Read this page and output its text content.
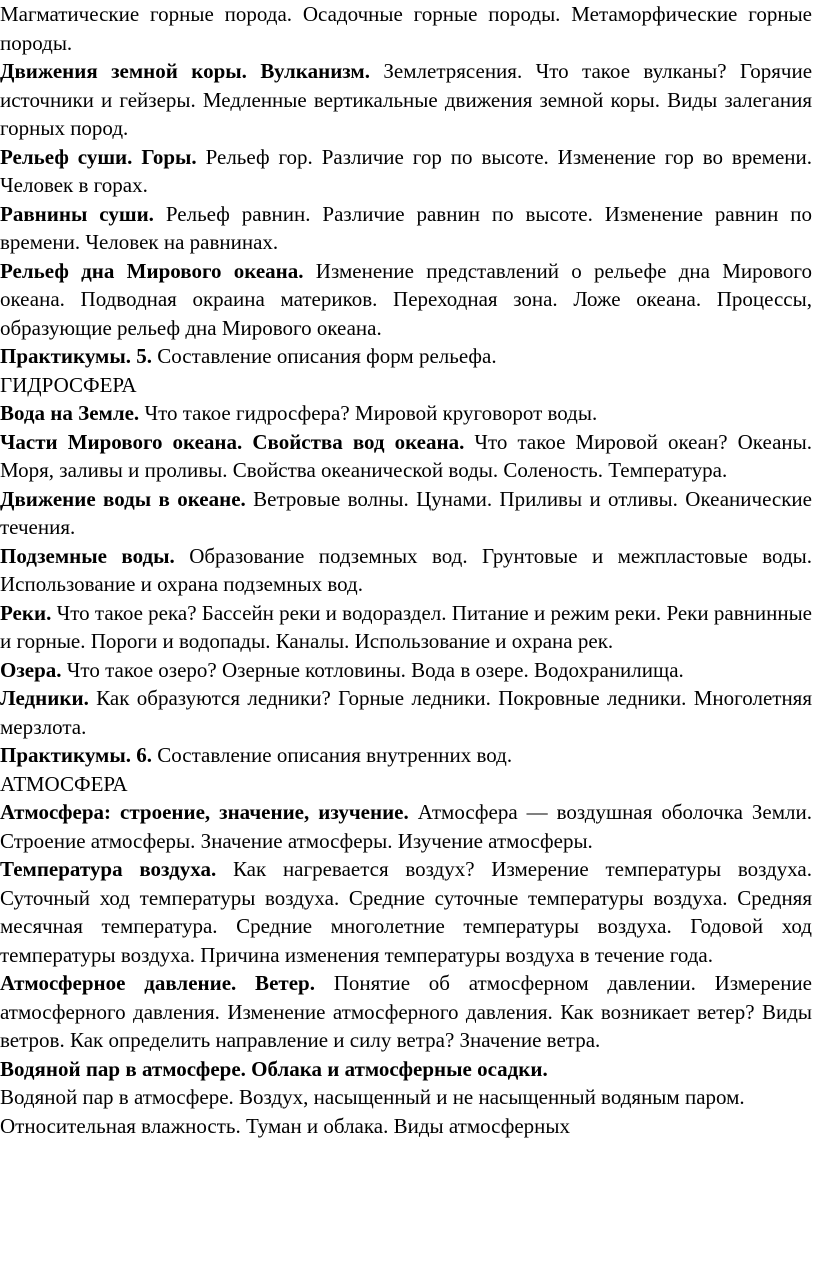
Магматические горные порода. Осадочные горные породы. Метаморфические горные породы.

Движения земной коры. Вулканизм. Землетрясения. Что такое вулканы? Горячие источники и гейзеры. Медленные вертикальные движения земной коры. Виды залегания горных пород.

Рельеф суши. Горы. Рельеф гор. Различие гор по высоте. Изменение гор во времени. Человек в горах.

Равнины суши. Рельеф равнин. Различие равнин по высоте. Изменение равнин по времени. Человек на равнинах.

Рельеф дна Мирового океана. Изменение представлений о рельефе дна Мирового океана. Подводная окраина материков. Переходная зона. Ложе океана. Процессы, образующие рельеф дна Мирового океана.

Практикумы. 5. Составление описания форм рельефа.

ГИДРОСФЕРА

Вода на Земле. Что такое гидросфера? Мировой круговорот воды.

Части Мирового океана. Свойства вод океана. Что такое Мировой океан? Океаны. Моря, заливы и проливы. Свойства океанической воды. Соленость. Температура.

Движение воды в океане. Ветровые волны. Цунами. Приливы и отливы. Океанические течения.

Подземные воды. Образование подземных вод. Грунтовые и межпластовые воды. Использование и охрана подземных вод.

Реки. Что такое река? Бассейн реки и водораздел. Питание и режим реки. Реки равнинные и горные. Пороги и водопады. Каналы. Использование и охрана рек.

Озера. Что такое озеро? Озерные котловины. Вода в озере. Водохранилища.

Ледники. Как образуются ледники? Горные ледники. Покровные ледники. Многолетняя мерзлота.

Практикумы. 6. Составление описания внутренних вод.

АТМОСФЕРА

Атмосфера: строение, значение, изучение. Атмосфера — воздушная оболочка Земли. Строение атмосферы. Значение атмосферы. Изучение атмосферы.

Температура воздуха. Как нагревается воздух? Измерение температуры воздуха. Суточный ход температуры воздуха. Средние суточные температуры воздуха. Средняя месячная температура. Средние многолетние температуры воздуха. Годовой ход температуры воздуха. Причина изменения температуры воздуха в течение года.

Атмосферное давление. Ветер. Понятие об атмосферном давлении. Измерение атмосферного давления. Изменение атмосферного давления. Как возникает ветер? Виды ветров. Как определить направление и силу ветра? Значение ветра.

Водяной пар в атмосфере. Облака и атмосферные осадки.

Водяной пар в атмосфере. Воздух, насыщенный и не насыщенный водяным паром. Относительная влажность. Туман и облака. Виды атмосферных
